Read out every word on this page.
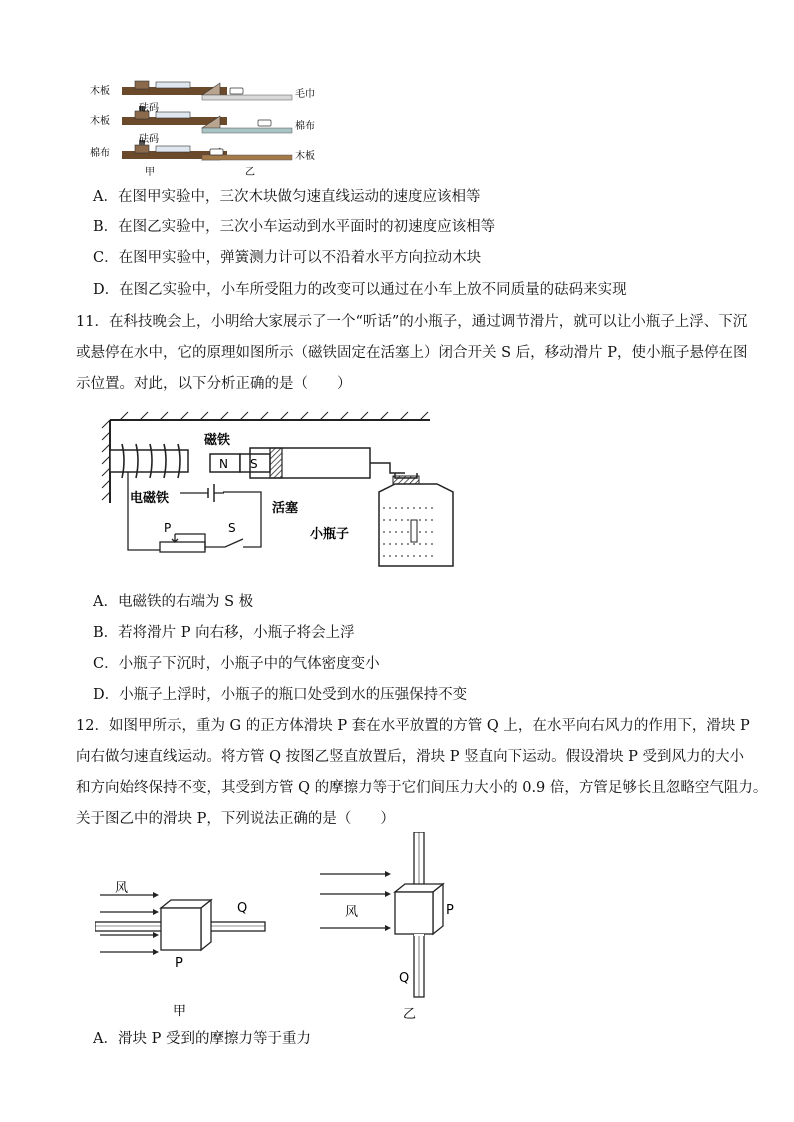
木板
木板
棉布
砝码
砝码
毛巾
棉布
木板
甲	乙
A．在图甲实验中，三次木块做匀速直线运动的速度应该相等
B．在图乙实验中，三次小车运动到水平面时的初速度应该相等
C．在图甲实验中，弹簧测力计可以不沿着水平方向拉动木块
D．在图乙实验中，小车所受阻力的改变可以通过在小车上放不同质量的砝码来实现
11．在科技晚会上，小明给大家展示了一个“听话”的小瓶子，通过调节滑片，就可以让小瓶子上浮、下沉
或悬停在水中，它的原理如图所示（磁铁固定在活塞上）闭合开关 S 后，移动滑片 P，使小瓶子悬停在图
示位置。对此，以下分析正确的是（　　）
磁铁
N S
电磁铁
活塞
小瓶子
P	S
A．电磁铁的右端为 S 极
B．若将滑片 P 向右移，小瓶子将会上浮
C．小瓶子下沉时，小瓶子中的气体密度变小
D．小瓶子上浮时，小瓶子的瓶口处受到水的压强保持不变
12．如图甲所示，重为 G 的正方体滑块 P 套在水平放置的方管 Q 上，在水平向右风力的作用下，滑块 P
向右做匀速直线运动。将方管 Q 按图乙竖直放置后，滑块 P 竖直向下运动。假设滑块 P 受到风力的大小
和方向始终保持不变，其受到方管 Q 的摩擦力等于它们间压力大小的 0.9 倍，方管足够长且忽略空气阻力。
关于图乙中的滑块 P，下列说法正确的是（　　）
风
Q
P
甲
风	P
Q
乙
A．滑块 P 受到的摩擦力等于重力
